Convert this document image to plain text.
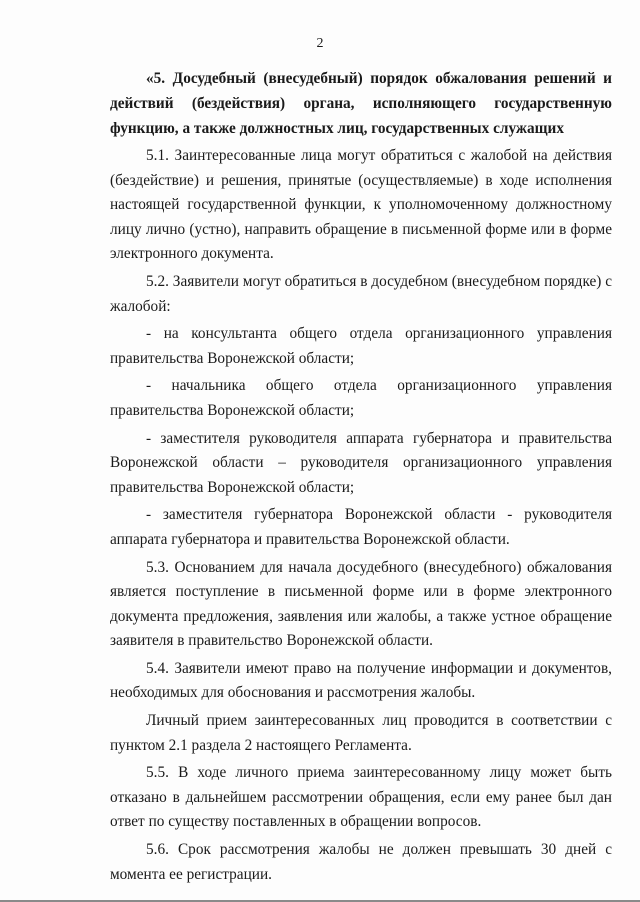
2

«5. Досудебный (внесудебный) порядок обжалования решений и действий (бездействия) органа, исполняющего государственную функцию, а также должностных лиц, государственных служащих

5.1. Заинтересованные лица могут обратиться с жалобой на действия (бездействие) и решения, принятые (осуществляемые) в ходе исполнения настоящей государственной функции, к уполномоченному должностному лицу лично (устно), направить обращение в письменной форме или в форме электронного документа.

5.2. Заявители могут обратиться в досудебном (внесудебном порядке) с жалобой:

- на консультанта общего отдела организационного управления правительства Воронежской области;

- начальника общего отдела организационного управления правительства Воронежской области;

- заместителя руководителя аппарата губернатора и правительства Воронежской области – руководителя организационного управления правительства Воронежской области;

- заместителя губернатора Воронежской области - руководителя аппарата губернатора и правительства Воронежской области.

5.3. Основанием для начала досудебного (внесудебного) обжалования является поступление в письменной форме или в форме электронного документа предложения, заявления или жалобы, а также устное обращение заявителя в правительство Воронежской области.

5.4. Заявители имеют право на получение информации и документов, необходимых для обоснования и рассмотрения жалобы.

Личный прием заинтересованных лиц проводится в соответствии с пунктом 2.1 раздела 2 настоящего Регламента.

5.5. В ходе личного приема заинтересованному лицу может быть отказано в дальнейшем рассмотрении обращения, если ему ранее был дан ответ по существу поставленных в обращении вопросов.

5.6. Срок рассмотрения жалобы не должен превышать 30 дней с момента ее регистрации.
